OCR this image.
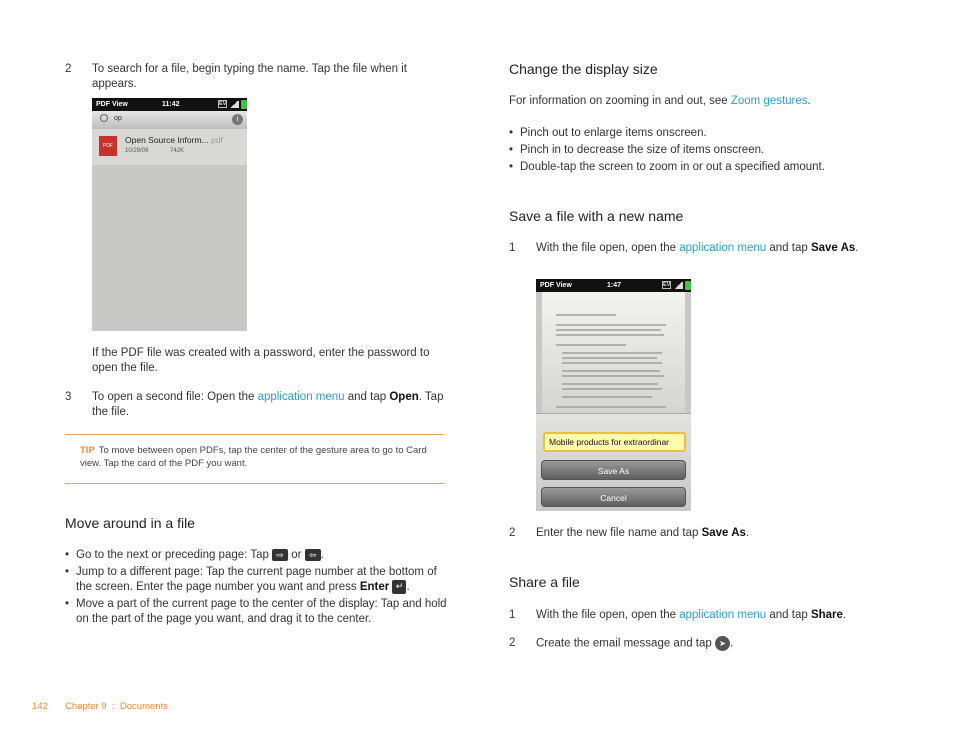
2 To search for a file, begin typing the name. Tap the file when it appears.
PDF View	11:42	EV
op	i
PDF
Open Source Inform... pdf
10/29/09	742K
If the PDF file was created with a password, enter the password to
open the file.
3 To open a second file: Open the application menu and tap Open. Tap
the file.
TIP To move between open PDFs, tap the center of the gesture area to go to Card
view. Tap the card of the PDF you want.
Move around in a file
• Go to the next or preceding page: Tap ⇨ or ⇦ .
• Jump to a different page: Tap the current page number at the bottom of
the screen. Enter the page number you want and press Enter ↵ .
• Move a part of the current page to the center of the display: Tap and hold
on the part of the page you want, and drag it to the center.
Change the display size
For information on zooming in and out, see Zoom gestures.
• Pinch out to enlarge items onscreen.
• Pinch in to decrease the size of items onscreen.
• Double-tap the screen to zoom in or out a specified amount.
Save a file with a new name
1 With the file open, open the application menu and tap Save As.
PDF View	1:47	EV
Mobile products for extraordinar
Save As
Cancel
2 Enter the new file name and tap Save As.
Share a file
1 With the file open, open the application menu and tap Share.
2 Create the email message and tap ➤ .
142 Chapter 9  :  Documents
